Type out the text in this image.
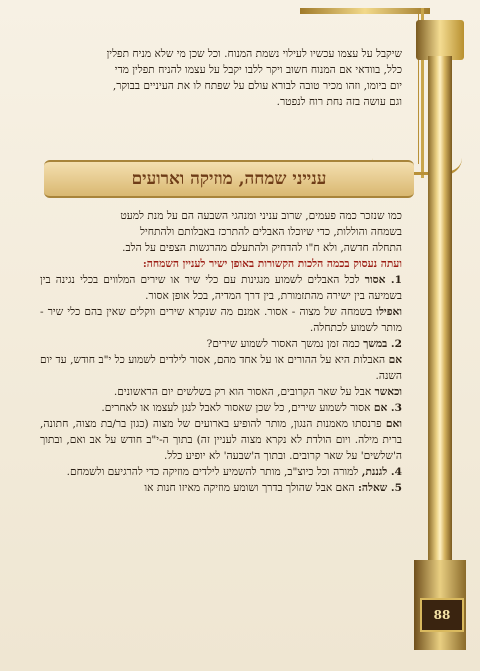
88
שיקבל על עצמו עכשיו לעילוי נשמת המנוח. וכל שכן מי שלא מניח תפלין
כלל, בוודאי אם המנוח חשוב ויקר ללבו יקבל על עצמו להניח תפלין מדי
יום ביומו, וזהו מכיר טובה לבורא עולם על שפתח לו את העיניים בבוקר,
וגם עושה בזה נחת רוח לנפטר.
ענייני שמחה, מוזיקה וארועים
כמו שנזכר כמה פעמים, שרוב עניני ומנהגי השבעה הם על מנת למעט
בשמחה והוללות, כדי שיוכלו האבלים להתרכז באבלותם ולהתחיל
התחלה חדשה, ולא ח"ו להדחיק ולהתעלם מהרגשות הצפים על הלב.
ועתה נעסוק בכמה הלכות הקשורות באופן ישיר לעניין השמחה:
1. אסור לכל האבלים לשמוע מנגינות עם כלי שיר או שירים המלווים בכלי נגינה בין בשמיעה בין ישירה מהתזמורת, בין דרך המדיה, בכל אופן אסור.
ואפילו בשמחה של מצוה - אסור. אמנם מה שנקרא שירים ווקלים שאין בהם כלי שיר - מותר לשמוע לכתחלה.
2. במשך כמה זמן נמשך האסור לשמוע שירים?
אם האבלות היא על ההורים או על אחד מהם, אסור לילדים לשמוע כל י"ב חודש, עד יום השנה.
וכאשר אבל על שאר הקרובים, האסור הוא רק בשלשים יום הראשונים.
3. אם אסור לשמוע שירים, כל שכן שאסור לאבל לנגן לעצמו או לאחרים.
ואם פרנסתו מאמנות הנגון, מותר להופיע בארועים של מצוה (כגון בר/בת מצוה, חתונה, ברית מילה. ויום הולדת לא נקרא מצוה לעניין זה) בתוך ה-י"ב חודש על אב ואם, ובתוך ה'שלשים' על שאר קרובים. ובתוך ה'שבעה' לא יופיע כלל.
4. לגננת, למורה וכל כיוצ"ב, מותר להשמיע לילדים מוזיקה כדי להרגיעם ולשמחם.
5. שאלה: האם אבל שהולך בדרך ושומע מוזיקה מאיזו חנות או
